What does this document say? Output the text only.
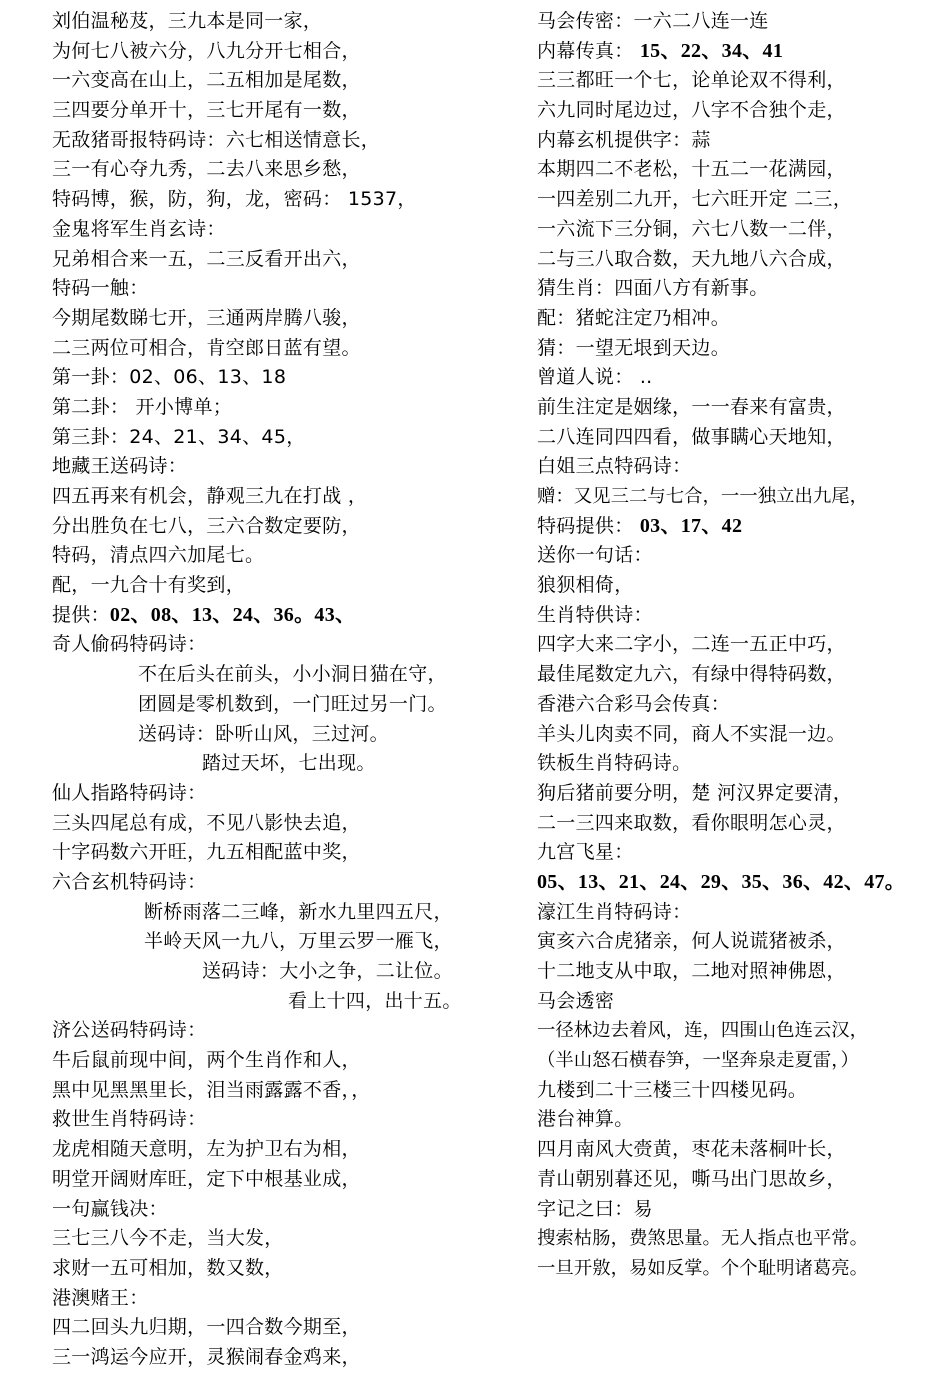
刘伯温秘芨，三九本是同一家，
为何七八被六分，八九分开七相合，
一六变高在山上，二五相加是尾数，
三四要分单开十，三七开尾有一数，
无敌猪哥报特码诗：六七相送情意长，
三一有心夺九秀，二去八来思乡愁，
特码博，猴，防，狗，龙，密码： 1537，
金鬼将军生肖玄诗：
兄弟相合来一五，二三反看开出六，
特码一触：
今期尾数睇七开，三通两岸腾八骏，
二三两位可相合，肯空郎日蓝有望。
第一卦：02、06、13、18
第二卦： 开小博单；
第三卦：24、21、34、45，
地藏王送码诗：
四五再来有机会，静观三九在打战 ，
分出胜负在七八，三六合数定要防，
特码，清点四六加尾七。
配，一九合十有奖到，
提供：02、08、13、24、36。43、
奇人偷码特码诗：
不在后头在前头，小小洞日猫在守，
团圆是零机数到，一门旺过另一门。
送码诗：卧听山风，三过河。
踏过天坏，七出现。
仙人指路特码诗：
三头四尾总有成，不见八影快去追，
十字码数六开旺，九五相配蓝中奖，
六合玄机特码诗：
断桥雨落二三峰，新水九里四五尺，
半岭天风一九八，万里云罗一雁飞，
送码诗：大小之争，二让位。
看上十四，出十五。
济公送码特码诗：
牛后鼠前现中间，两个生肖作和人，
黑中见黑黑里长，泪当雨露露不香，，
救世生肖特码诗：
龙虎相随天意明，左为护卫右为相，
明堂开阔财库旺，定下中根基业成，
一句赢钱决：
三七三八今不走，当大发，
求财一五可相加，数又数，
港澳赌王：
四二回头九归期，一四合数今期至，
三一鸿运今应开，灵猴闹春金鸡来，
马会传密：一六二八连一连
内幕传真： 15、22、34、41
三三都旺一个七，论单论双不得利，
六九同时尾边过，八字不合独个走，
内幕玄机提供字：蒜
本期四二不老松，十五二一花满园，
一四差别二九开，七六旺开定 二三，
一六流下三分铜，六七八数一二伴，
二与三八取合数，天九地八六合成，
猜生肖：四面八方有新事。
配：猪蛇注定乃相冲。
猜：一望无垠到天边。
曾道人说： ..
前生注定是姻缘，一一春来有富贵，
二八连同四四看，做事瞒心天地知，
白姐三点特码诗：
赠：又见三二与七合，一一独立出九尾，
特码提供： 03、17、42
送你一句话：
狼狈相倚，
生肖特供诗：
四字大来二字小，二连一五正中巧，
最佳尾数定九六，有绿中得特码数，
香港六合彩马会传真：
羊头儿肉卖不同，商人不实混一边。
铁板生肖特码诗。
狗后猪前要分明，楚 河汉界定要清，
二一三四来取数，看你眼明怎心灵，
九宫飞星：
05、13、21、24、29、35、36、42、47。
濠江生肖特码诗：
寅亥六合虎猪亲，何人说谎猪被杀，
十二地支从中取，二地对照神佛恩，
马会透密
一径林边去着风，连，四围山色连云汉，
（半山怒石横春笋，一坚奔泉走夏雷，）
九楼到二十三楼三十四楼见码。
港台神算。
四月南风大赍黄，枣花未落桐叶长，
青山朝别暮还见，嘶马出门思故乡，
字记之曰：易
搜索枯肠，费煞思量。无人指点也平常。
一旦开敫，易如反掌。个个耻明诸葛亮。
